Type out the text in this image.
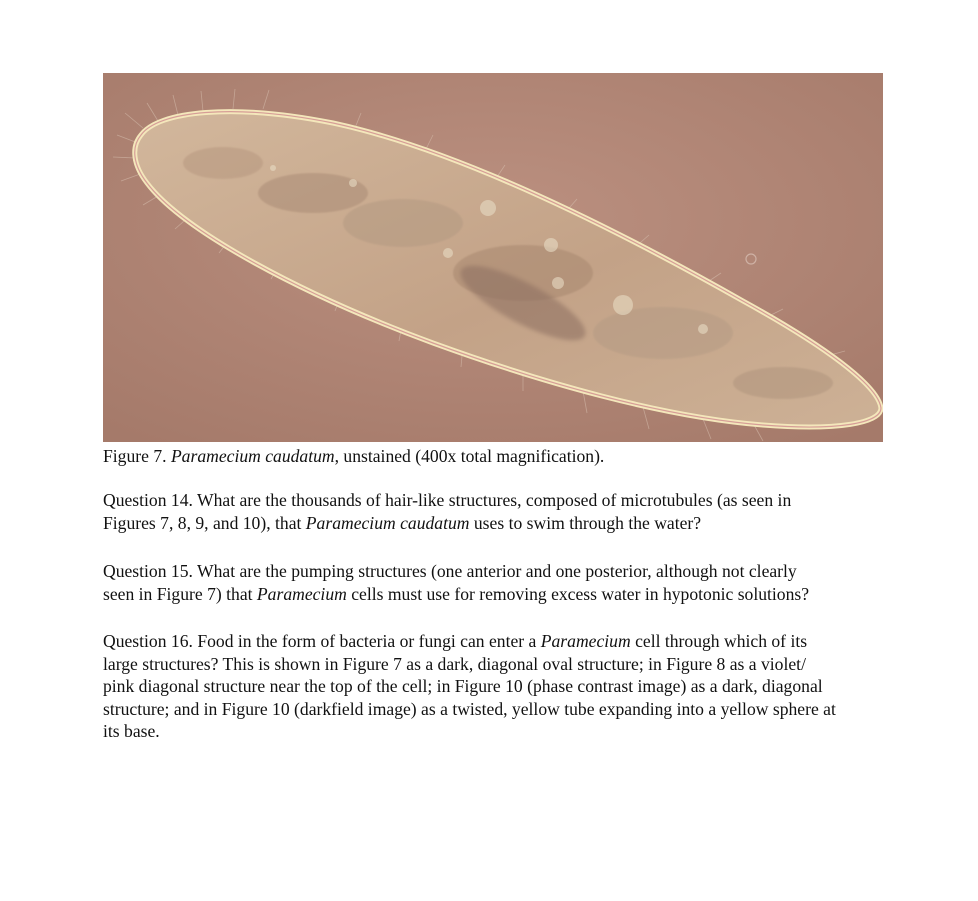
Figure 7. Paramecium caudatum, unstained (400x total magnification).
Question 14. What are the thousands of hair-like structures, composed of microtubules (as seen in
Figures 7, 8, 9, and 10), that Paramecium caudatum uses to swim through the water?
Question 15. What are the pumping structures (one anterior and one posterior, although not clearly
seen in Figure 7) that Paramecium cells must use for removing excess water in hypotonic solutions?
Question 16. Food in the form of bacteria or fungi can enter a Paramecium cell through which of its
large structures? This is shown in Figure 7 as a dark, diagonal oval structure; in Figure 8 as a violet/
pink diagonal structure near the top of the cell; in Figure 10 (phase contrast image) as a dark, diagonal
structure; and in Figure 10 (darkfield image) as a twisted, yellow tube expanding into a yellow sphere at
its base.
